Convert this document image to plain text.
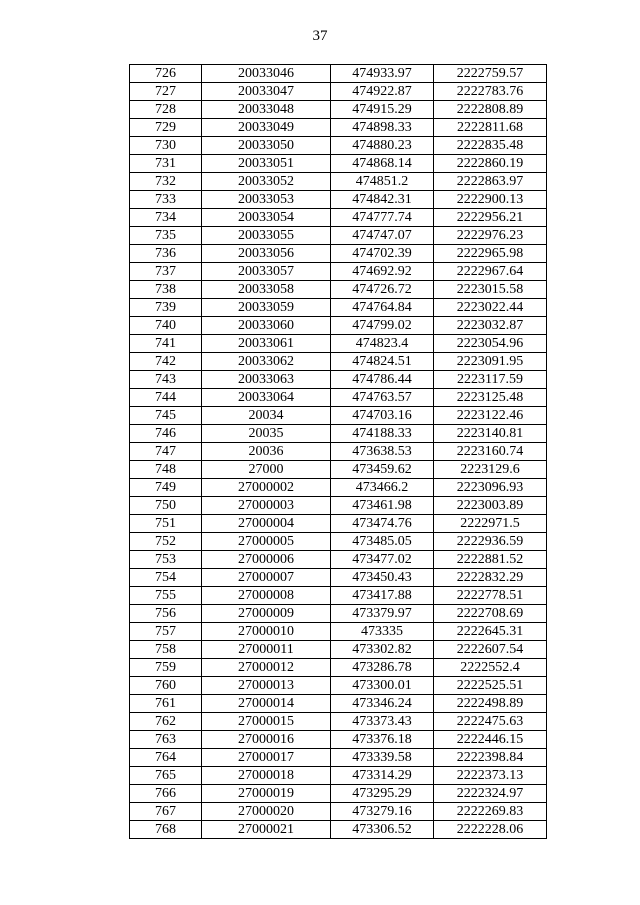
37
726	20033046	474933.97	2222759.57
727	20033047	474922.87	2222783.76
728	20033048	474915.29	2222808.89
729	20033049	474898.33	2222811.68
730	20033050	474880.23	2222835.48
731	20033051	474868.14	2222860.19
732	20033052	474851.2	2222863.97
733	20033053	474842.31	2222900.13
734	20033054	474777.74	2222956.21
735	20033055	474747.07	2222976.23
736	20033056	474702.39	2222965.98
737	20033057	474692.92	2222967.64
738	20033058	474726.72	2223015.58
739	20033059	474764.84	2223022.44
740	20033060	474799.02	2223032.87
741	20033061	474823.4	2223054.96
742	20033062	474824.51	2223091.95
743	20033063	474786.44	2223117.59
744	20033064	474763.57	2223125.48
745	20034	474703.16	2223122.46
746	20035	474188.33	2223140.81
747	20036	473638.53	2223160.74
748	27000	473459.62	2223129.6
749	27000002	473466.2	2223096.93
750	27000003	473461.98	2223003.89
751	27000004	473474.76	2222971.5
752	27000005	473485.05	2222936.59
753	27000006	473477.02	2222881.52
754	27000007	473450.43	2222832.29
755	27000008	473417.88	2222778.51
756	27000009	473379.97	2222708.69
757	27000010	473335	2222645.31
758	27000011	473302.82	2222607.54
759	27000012	473286.78	2222552.4
760	27000013	473300.01	2222525.51
761	27000014	473346.24	2222498.89
762	27000015	473373.43	2222475.63
763	27000016	473376.18	2222446.15
764	27000017	473339.58	2222398.84
765	27000018	473314.29	2222373.13
766	27000019	473295.29	2222324.97
767	27000020	473279.16	2222269.83
768	27000021	473306.52	2222228.06
